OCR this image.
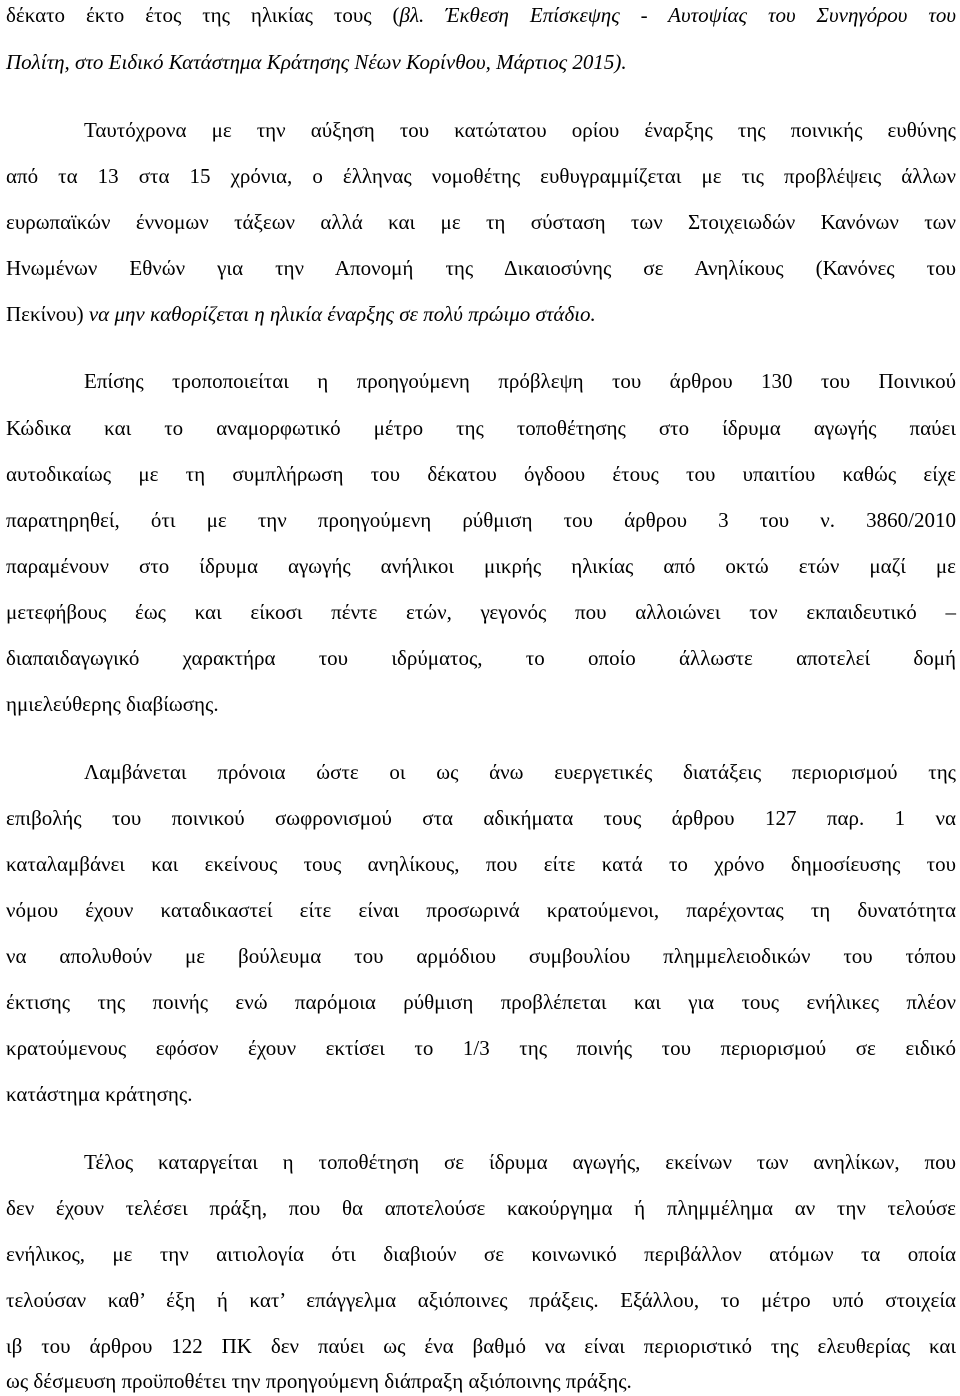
δέκατο έκτο έτος της ηλικίας τους (βλ. Έκθεση Επίσκεψης - Αυτοψίας του Συνηγόρου του
Πολίτη, στο Ειδικό Κατάστημα Κράτησης Νέων Κορίνθου, Μάρτιος 2015).
Ταυτόχρονα με την αύξηση του κατώτατου ορίου έναρξης της ποινικής ευθύνης
από τα 13 στα 15 χρόνια, ο έλληνας νομοθέτης ευθυγραμμίζεται με τις προβλέψεις άλλων
ευρωπαϊκών έννομων τάξεων αλλά και με τη σύσταση των Στοιχειωδών Κανόνων των
Ηνωμένων Εθνών για την Απονομή της Δικαιοσύνης σε Ανηλίκους (Κανόνες του
Πεκίνου) να μην καθορίζεται η ηλικία έναρξης σε πολύ πρώιμο στάδιο.
Επίσης τροποποιείται η προηγούμενη πρόβλεψη του άρθρου 130 του Ποινικού
Κώδικα και το αναμορφωτικό μέτρο της τοποθέτησης στο ίδρυμα αγωγής παύει
αυτοδικαίως με τη συμπλήρωση του δέκατου όγδοου έτους του υπαιτίου καθώς είχε
παρατηρηθεί, ότι με την προηγούμενη ρύθμιση του άρθρου 3 του ν. 3860/2010
παραμένουν στο ίδρυμα αγωγής ανήλικοι μικρής ηλικίας από οκτώ ετών μαζί με
μετεφήβους έως και είκοσι πέντε ετών, γεγονός που αλλοιώνει τον εκπαιδευτικό –
διαπαιδαγωγικό χαρακτήρα του ιδρύματος, το οποίο άλλωστε αποτελεί δομή
ημιελεύθερης διαβίωσης.
Λαμβάνεται πρόνοια ώστε οι ως άνω ευεργετικές διατάξεις περιορισμού της
επιβολής του ποινικού σωφρονισμού στα αδικήματα τους άρθρου 127 παρ. 1 να
καταλαμβάνει και εκείνους τους ανηλίκους, που είτε κατά το χρόνο δημοσίευσης του
νόμου έχουν καταδικαστεί είτε είναι προσωρινά κρατούμενοι, παρέχοντας τη δυνατότητα
να απολυθούν με βούλευμα του αρμόδιου συμβουλίου πλημμελειοδικών του τόπου
έκτισης της ποινής ενώ παρόμοια ρύθμιση προβλέπεται και για τους ενήλικες πλέον
κρατούμενους εφόσον έχουν εκτίσει το 1/3 της ποινής του περιορισμού σε ειδικό
κατάστημα κράτησης.
Τέλος καταργείται η τοποθέτηση σε ίδρυμα αγωγής, εκείνων των ανηλίκων, που
δεν έχουν τελέσει πράξη, που θα αποτελούσε κακούργημα ή πλημμέλημα αν την τελούσε
ενήλικος, με την αιτιολογία ότι διαβιούν σε κοινωνικό περιβάλλον ατόμων τα οποία
τελούσαν καθ’ έξη ή κατ’ επάγγελμα αξιόποινες πράξεις. Εξάλλου, το μέτρο υπό στοιχεία
ιβ του άρθρου 122 ΠΚ δεν παύει ως ένα βαθμό να είναι περιοριστικό της ελευθερίας και
ως δέσμευση προϋποθέτει την προηγούμενη διάπραξη αξιόποινης πράξης.
